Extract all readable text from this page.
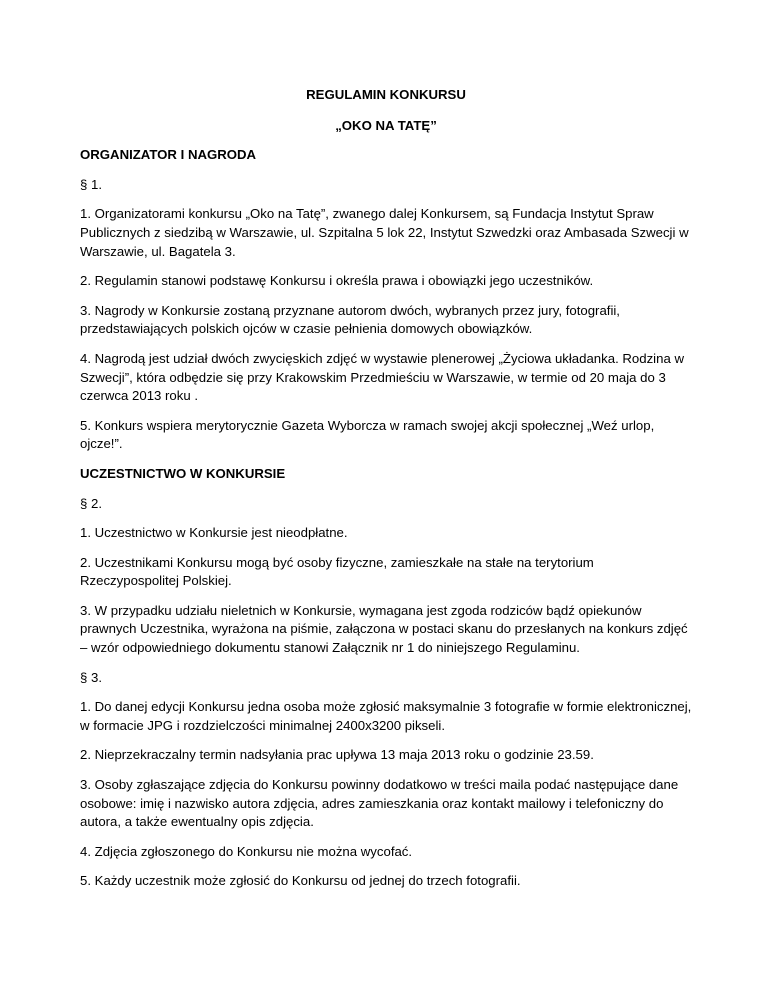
REGULAMIN KONKURSU

„OKO NA TATĘ”

ORGANIZATOR I NAGRODA

§ 1.

1. Organizatorami konkursu „Oko na Tatę”, zwanego dalej Konkursem, są Fundacja Instytut Spraw Publicznych z siedzibą w Warszawie, ul. Szpitalna 5 lok 22, Instytut Szwedzki oraz Ambasada Szwecji w Warszawie, ul. Bagatela 3.

2. Regulamin stanowi podstawę Konkursu i określa prawa i obowiązki jego uczestników.

3. Nagrody w Konkursie zostaną przyznane autorom dwóch, wybranych przez jury, fotografii, przedstawiających polskich ojców w czasie pełnienia domowych obowiązków.

4. Nagrodą jest udział dwóch zwycięskich zdjęć w wystawie plenerowej „Życiowa układanka. Rodzina w Szwecji”, która odbędzie się przy Krakowskim Przedmieściu w Warszawie, w termie od 20 maja do 3 czerwca 2013 roku .

5. Konkurs wspiera merytorycznie Gazeta Wyborcza w ramach swojej akcji społecznej „Weź urlop, ojcze!”.

UCZESTNICTWO W KONKURSIE

§ 2.

1. Uczestnictwo w Konkursie jest nieodpłatne.

2. Uczestnikami Konkursu mogą być osoby fizyczne, zamieszkałe na stałe na terytorium Rzeczypospolitej Polskiej.

3. W przypadku udziału nieletnich w Konkursie, wymagana jest zgoda rodziców bądź opiekunów prawnych Uczestnika, wyrażona na piśmie, załączona w postaci skanu do przesłanych na konkurs zdjęć – wzór odpowiedniego dokumentu stanowi Załącznik nr 1 do niniejszego Regulaminu.

§ 3.

1. Do danej edycji Konkursu jedna osoba może zgłosić maksymalnie 3 fotografie w formie elektronicznej, w formacie JPG i rozdzielczości minimalnej 2400x3200 pikseli.

2. Nieprzekraczalny termin nadsyłania prac upływa 13 maja 2013 roku o godzinie 23.59.

3. Osoby zgłaszające zdjęcia do Konkursu powinny dodatkowo w treści maila podać następujące dane osobowe: imię i nazwisko autora zdjęcia, adres zamieszkania oraz kontakt mailowy i telefoniczny do autora, a także ewentualny opis zdjęcia.

4. Zdjęcia zgłoszonego do Konkursu nie można wycofać.

5. Każdy uczestnik może zgłosić do Konkursu od jednej do trzech fotografii.
